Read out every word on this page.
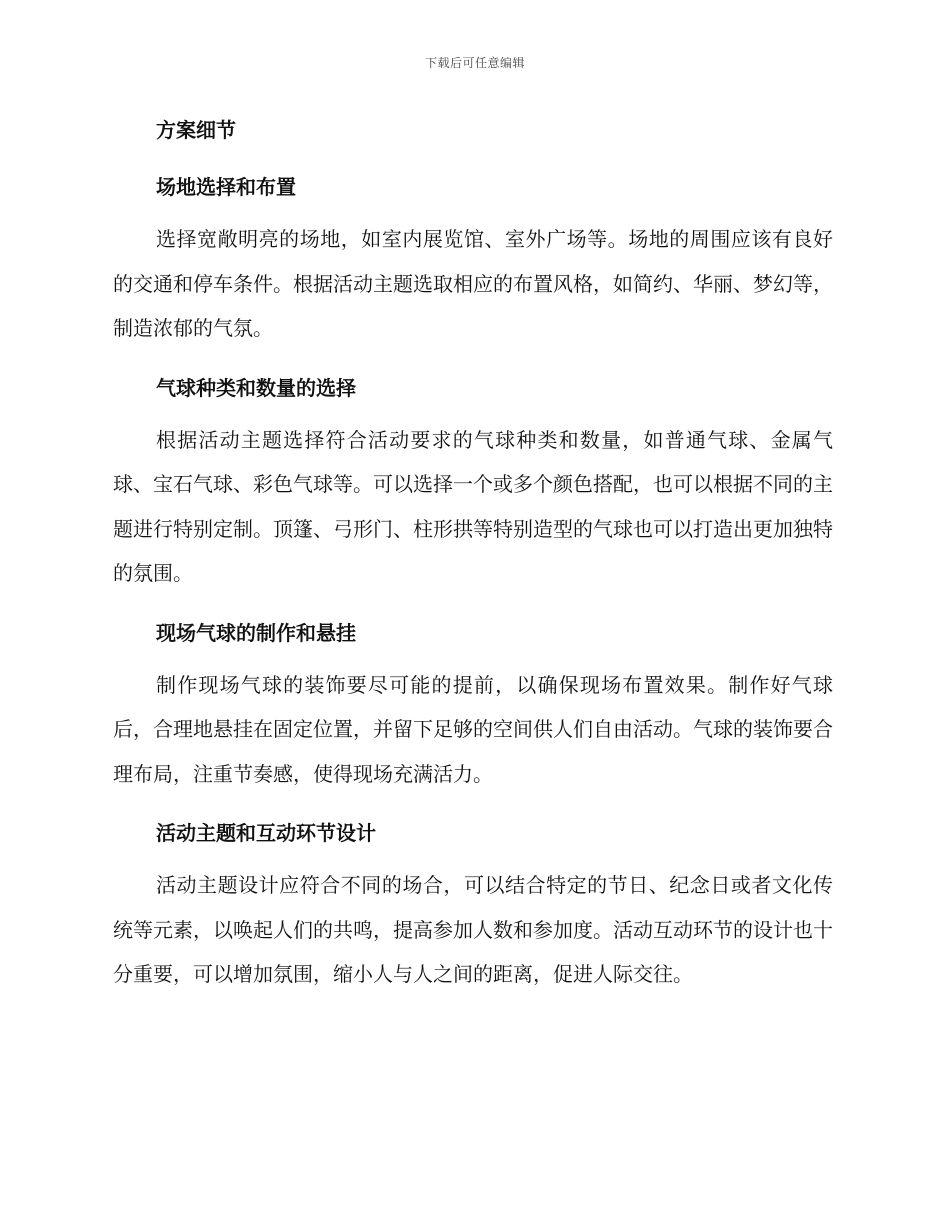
下载后可任意编辑
方案细节
场地选择和布置

选择宽敞明亮的场地，如室内展览馆、室外广场等。场地的周围应该有良好的交通和停车条件。根据活动主题选取相应的布置风格，如简约、华丽、梦幻等，制造浓郁的气氛。

气球种类和数量的选择

根据活动主题选择符合活动要求的气球种类和数量，如普通气球、金属气球、宝石气球、彩色气球等。可以选择一个或多个颜色搭配，也可以根据不同的主题进行特别定制。顶篷、弓形门、柱形拱等特别造型的气球也可以打造出更加独特的氛围。

现场气球的制作和悬挂

制作现场气球的装饰要尽可能的提前，以确保现场布置效果。制作好气球后，合理地悬挂在固定位置，并留下足够的空间供人们自由活动。气球的装饰要合理布局，注重节奏感，使得现场充满活力。

活动主题和互动环节设计

活动主题设计应符合不同的场合，可以结合特定的节日、纪念日或者文化传统等元素，以唤起人们的共鸣，提高参加人数和参加度。活动互动环节的设计也十分重要，可以增加氛围，缩小人与人之间的距离，促进人际交往。
